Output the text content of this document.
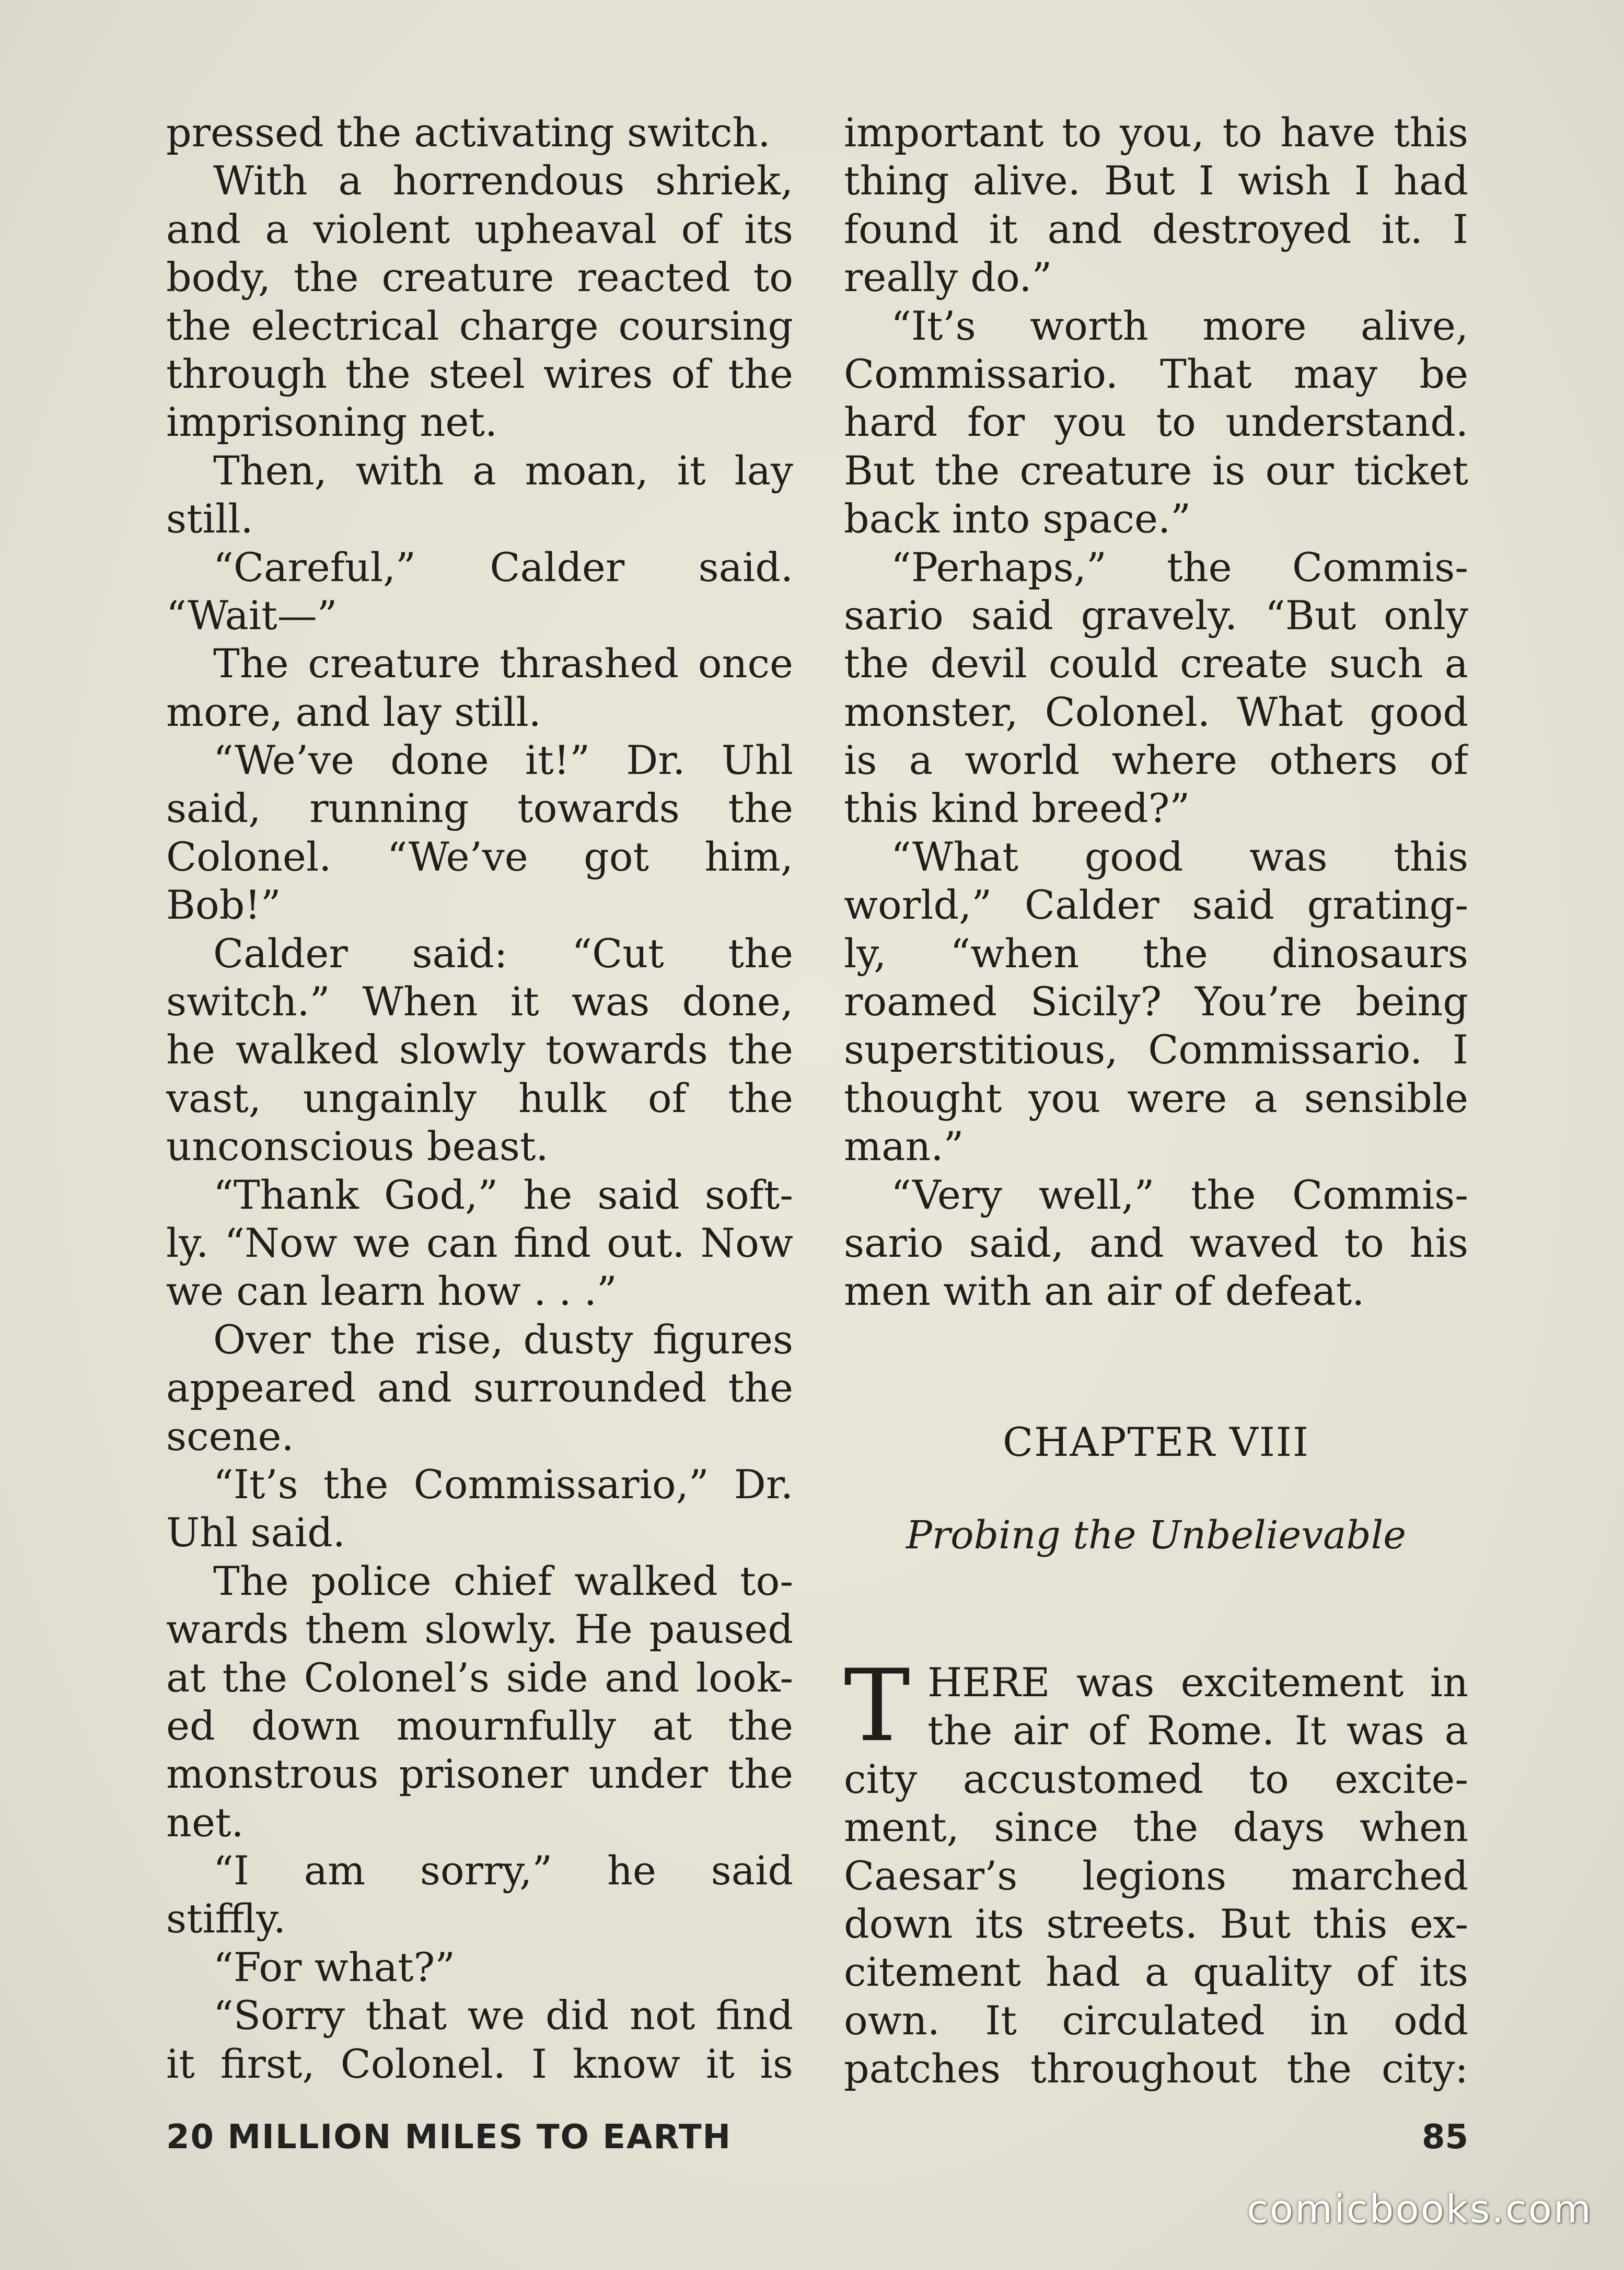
pressed the activating switch.
With a horrendous shriek,
and a violent upheaval of its
body, the creature reacted to
the electrical charge coursing
through the steel wires of the
imprisoning net.
Then, with a moan, it lay
still.
“Careful,” Calder said.
“Wait—”
The creature thrashed once
more, and lay still.
“We’ve done it!” Dr. Uhl
said, running towards the
Colonel. “We’ve got him,
Bob!”
Calder said: “Cut the
switch.” When it was done,
he walked slowly towards the
vast, ungainly hulk of the
unconscious beast.
“Thank God,” he said soft-
ly. “Now we can find out. Now
we can learn how . . .”
Over the rise, dusty figures
appeared and surrounded the
scene.
“It’s the Commissario,” Dr.
Uhl said.
The police chief walked to-
wards them slowly. He paused
at the Colonel’s side and look-
ed down mournfully at the
monstrous prisoner under the
net.
“I am sorry,” he said
stiffly.
“For what?”
“Sorry that we did not find
it first, Colonel. I know it is
important to you, to have this
thing alive. But I wish I had
found it and destroyed it. I
really do.”
“It’s worth more alive,
Commissario. That may be
hard for you to understand.
But the creature is our ticket
back into space.”
“Perhaps,” the Commis-
sario said gravely. “But only
the devil could create such a
monster, Colonel. What good
is a world where others of
this kind breed?”
“What good was this
world,” Calder said grating-
ly, “when the dinosaurs
roamed Sicily? You’re being
superstitious, Commissario. I
thought you were a sensible
man.”
“Very well,” the Commis-
sario said, and waved to his
men with an air of defeat.
CHAPTER VIII
Probing the Unbelievable
T HERE was excitement in
the air of Rome. It was a
city accustomed to excite-
ment, since the days when
Caesar’s legions marched
down its streets. But this ex-
citement had a quality of its
own. It circulated in odd
patches throughout the city:
20 MILLION MILES TO EARTH	85
comicbooks.com
